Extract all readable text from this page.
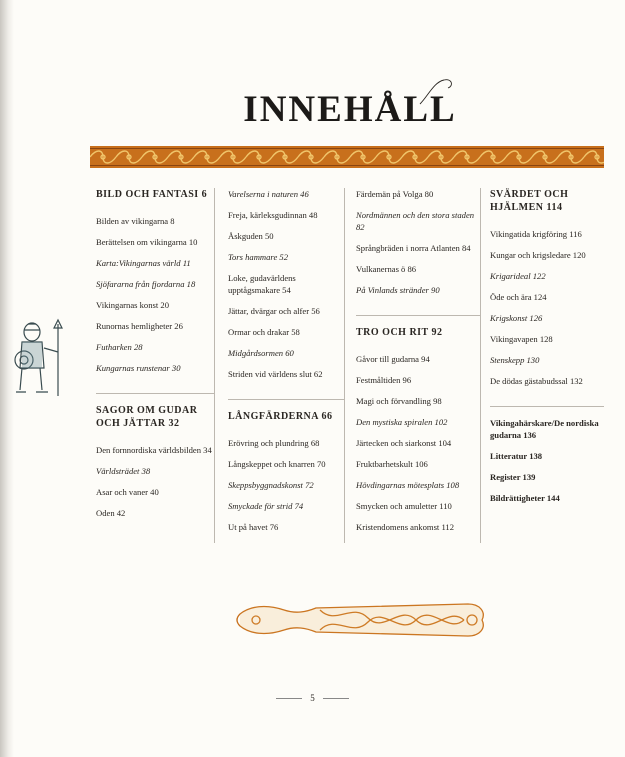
INNEHÅLL
BILD OCH FANTASI 6

Bilden av vikingarna 8

Berättelsen om vikingarna 10

Karta:Vikingarnas värld 11

Sjöfararna från fjordarna 18

Vikingarnas konst 20

Runornas hemligheter 26

Futharken 28

Kungarnas runstenar 30

SAGOR OM GUDAR OCH JÄTTAR 32

Den fornnordiska världsbilden 34

Världsträdet 38

Asar och vaner 40

Oden 42

Varelserna i naturen 46

Freja, kärleksgudinnan 48

Åskguden 50

Tors hammare 52

Loke, gudavärldens upptågsmakare 54

Jättar, dvärgar och alfer 56

Ormar och drakar 58

Midgårdsormen 60

Striden vid världens slut 62

LÅNGFÄRDERNA 66

Erövring och plundring 68

Långskeppet och knarren 70

Skeppsbyggnadskonst 72

Smyckade för strid 74

Ut på havet 76

Färdemän på Volga 80

Nordmännen och den stora staden 82

Språngbräden i norra Atlanten 84

Vulkanernas ö 86

På Vinlands stränder 90

TRO OCH RIT 92

Gåvor till gudarna 94

Festmåltiden 96

Magi och förvandling 98

Den mystiska spiralen 102

Järtecken och siarkonst 104

Fruktbarhetskult 106

Hövdingarnas mötesplats 108

Smycken och amuletter 110

Kristendomens ankomst 112

SVÄRDET OCH HJÄLMEN 114

Vikingatida krigföring 116

Kungar och krigsledare 120

Krigarideal 122

Öde och ära 124

Krigskonst 126

Vikingavapen 128

Stenskepp 130

De dödas gästabudssal 132

Vikingahärskare/De nordiska gudarna 136

Litteratur 138

Register 139

Bildrättigheter 144

5
